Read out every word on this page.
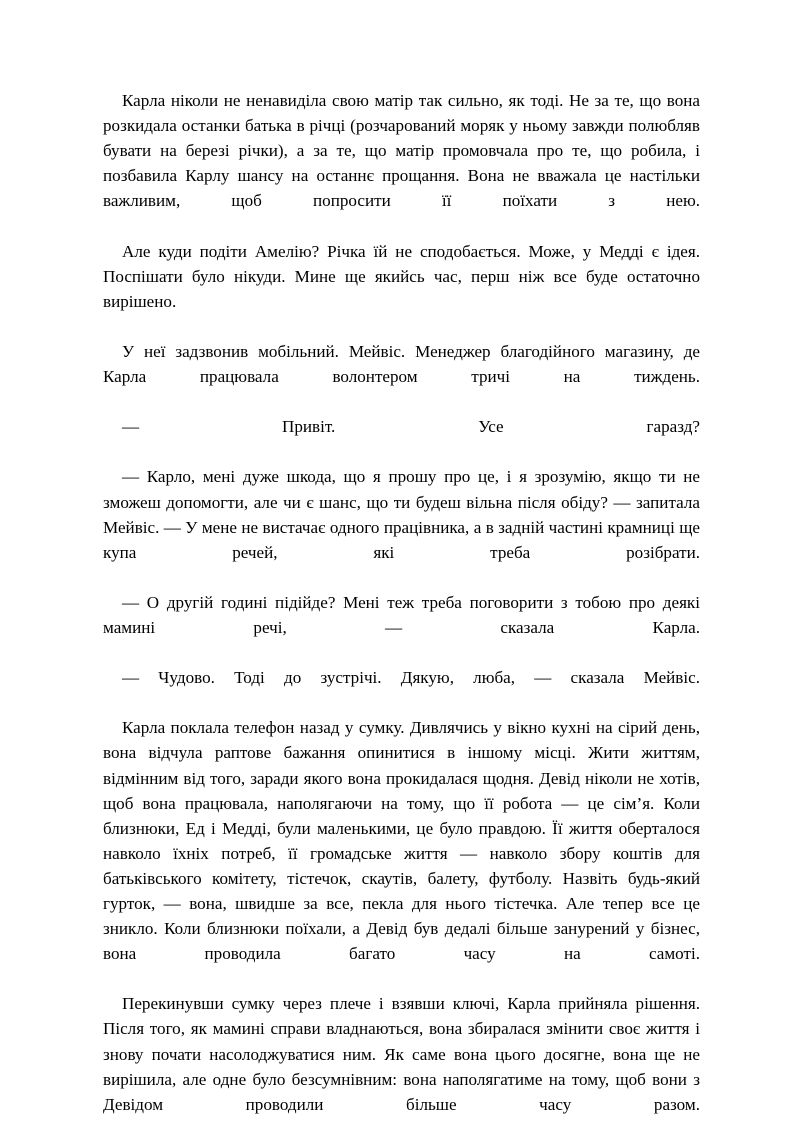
Карла ніколи не ненавиділа свою матір так сильно, як тоді. Не за те, що вона розкидала останки батька в річці (розчарований моряк у ньому завжди полюбляв бувати на березі річки), а за те, що матір промовчала про те, що робила, і позбавила Карлу шансу на останнє прощання. Вона не вважала це настільки важливим, щоб попросити її поїхати з нею.

Але куди подіти Амелію? Річка їй не сподобається. Може, у Медді є ідея. Поспішати було нікуди. Мине ще якийсь час, перш ніж все буде остаточно вирішено.

У неї задзвонив мобільний. Мейвіс. Менеджер благодійного магазину, де Карла працювала волонтером тричі на тиждень.

— Привіт. Усе гаразд?

— Карло, мені дуже шкода, що я прошу про це, і я зрозумію, якщо ти не зможеш допомогти, але чи є шанс, що ти будеш вільна після обіду? — запитала Мейвіс. — У мене не вистачає одного працівника, а в задній частині крамниці ще купа речей, які треба розібрати.

— О другій годині підійде? Мені теж треба поговорити з тобою про деякі мамині речі, — сказала Карла.

— Чудово. Тоді до зустрічі. Дякую, люба, — сказала Мейвіс.

Карла поклала телефон назад у сумку. Дивлячись у вікно кухні на сірий день, вона відчула раптове бажання опинитися в іншому місці. Жити життям, відмінним від того, заради якого вона прокидалася щодня. Девід ніколи не хотів, щоб вона працювала, наполягаючи на тому, що її робота — це сім’я. Коли близнюки, Ед і Медді, були маленькими, це було правдою. Її життя оберталося навколо їхніх потреб, її громадське життя — навколо збору коштів для батьківського комітету, тістечок, скаутів, балету, футболу. Назвіть будь-який гурток, — вона, швидше за все, пекла для нього тістечка. Але тепер все це зникло. Коли близнюки поїхали, а Девід був дедалі більше занурений у бізнес, вона проводила багато часу на самоті.

Перекинувши сумку через плече і взявши ключі, Карла прийняла рішення. Після того, як мамині справи владнаються, вона збиралася змінити своє життя і знову почати насолоджуватися ним. Як саме вона цього досягне, вона ще не вирішила, але одне було безсумнівним: вона наполягатиме на тому, щоб вони з Девідом проводили більше часу разом.
